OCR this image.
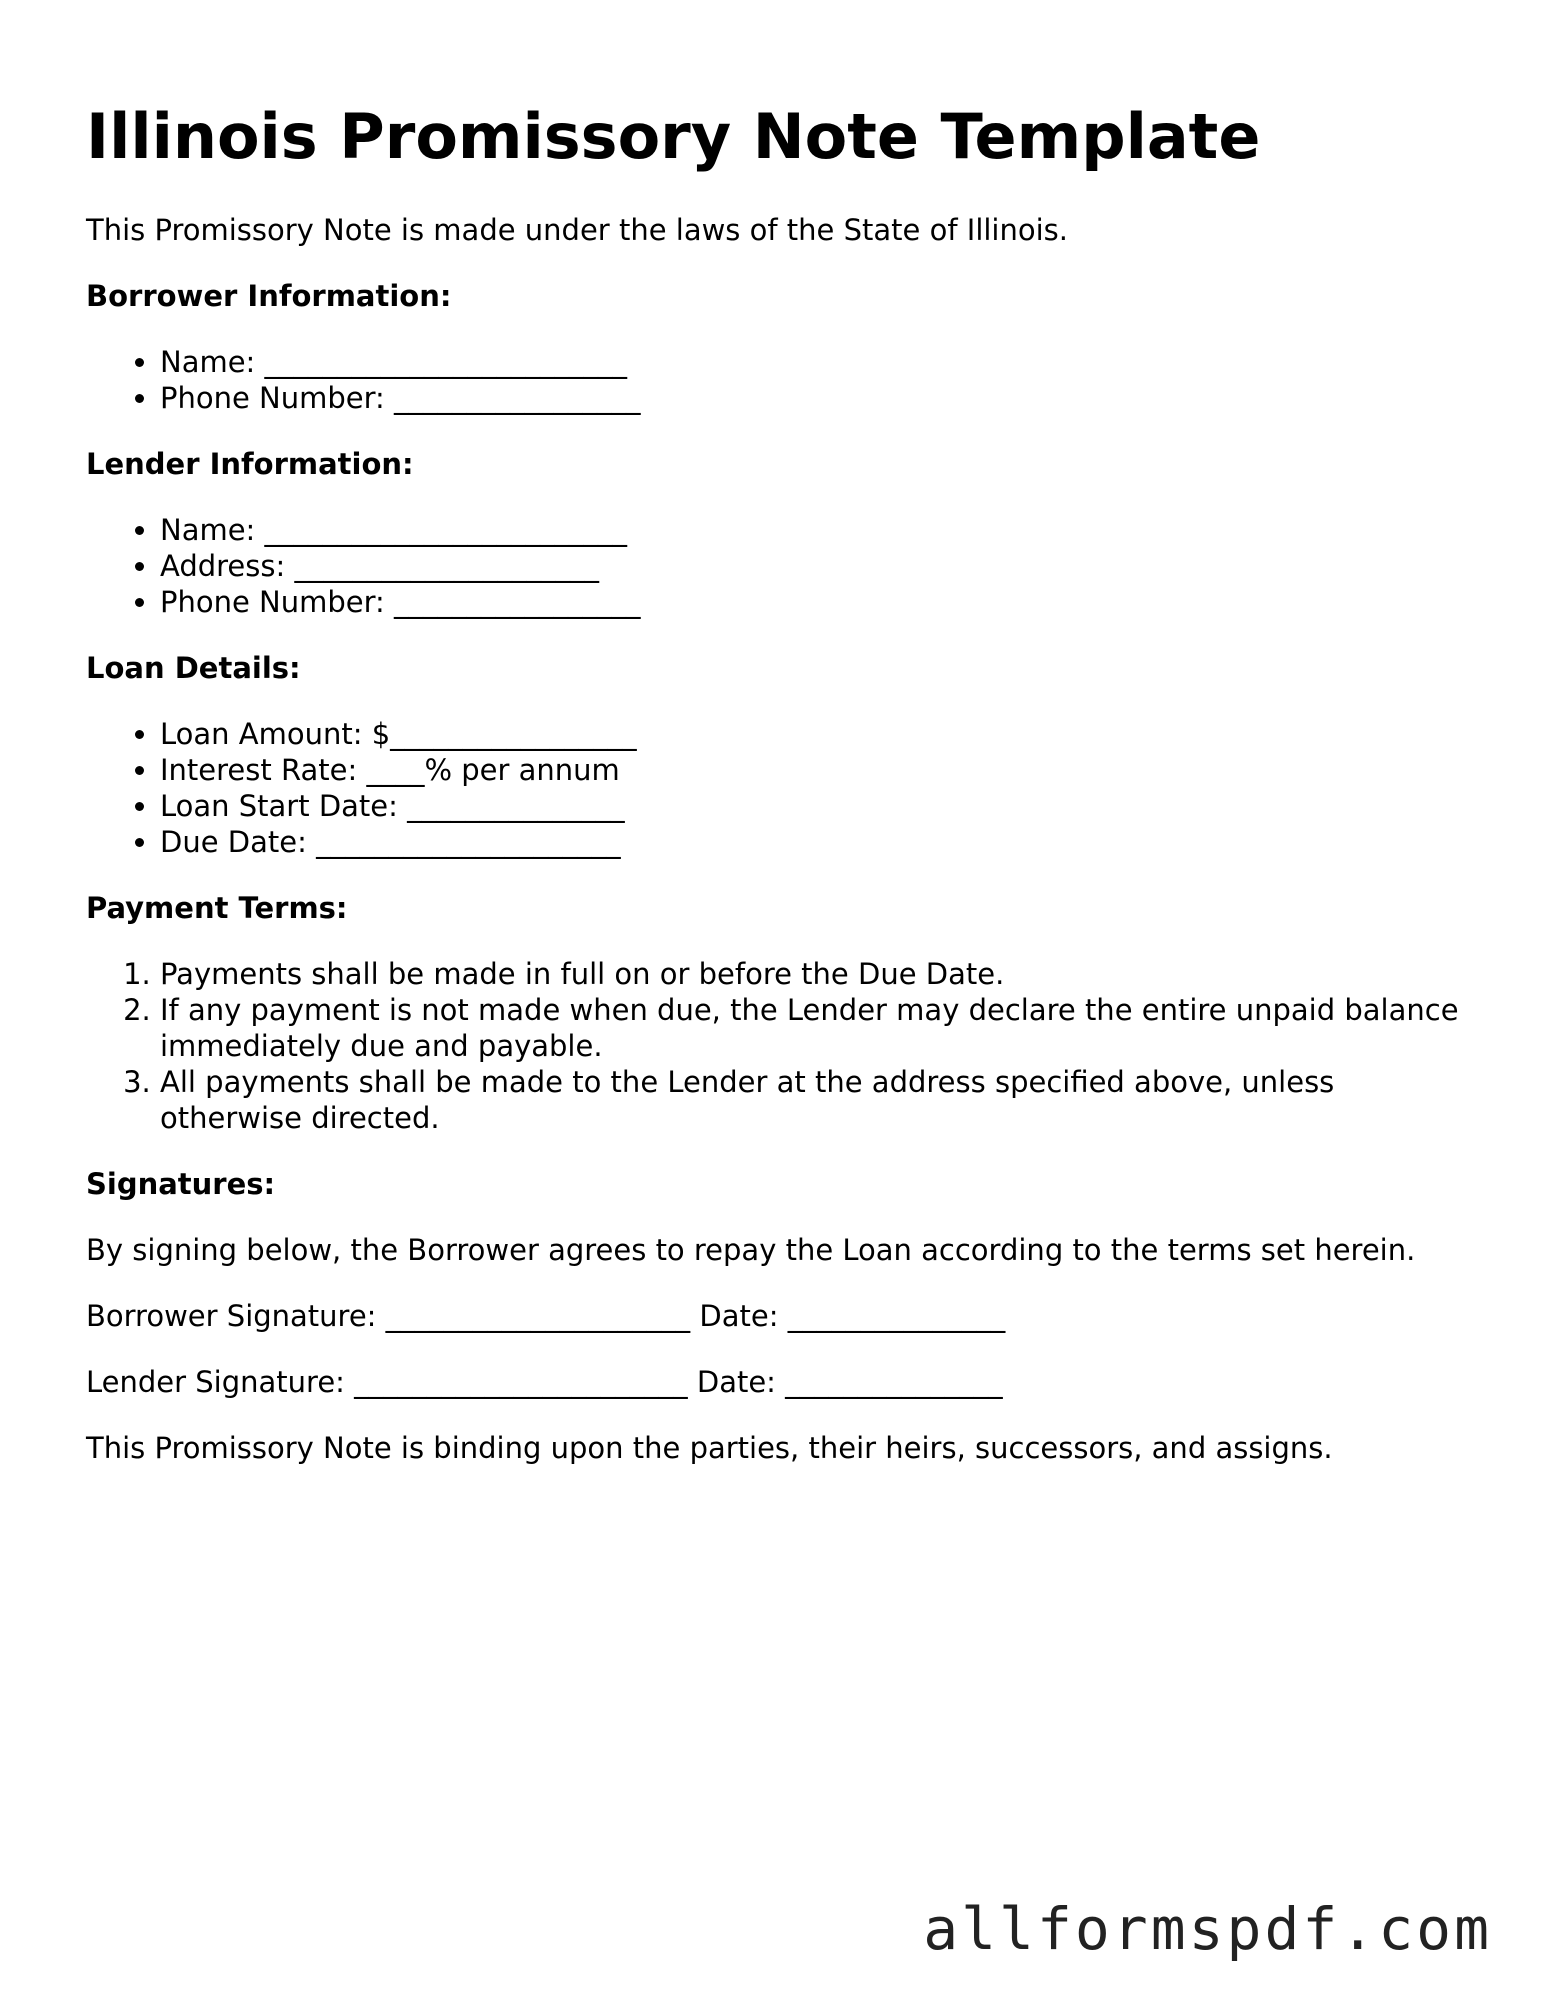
Illinois Promissory Note Template

This Promissory Note is made under the laws of the State of Illinois.

Borrower Information:
• Name: _________________________
• Phone Number: _________________
Lender Information:
• Name: _________________________
• Address: _____________________
• Phone Number: _________________
Loan Details:
• Loan Amount: $_________________
• Interest Rate: ____% per annum
• Loan Start Date: _______________
• Due Date: _____________________
Payment Terms:
1. Payments shall be made in full on or before the Due Date.
2. If any payment is not made when due, the Lender may declare the entire unpaid balance immediately due and payable.
3. All payments shall be made to the Lender at the address specified above, unless otherwise directed.
Signatures:

By signing below, the Borrower agrees to repay the Loan according to the terms set herein.

Borrower Signature: _____________________ Date: _______________

Lender Signature: _______________________ Date: _______________

This Promissory Note is binding upon the parties, their heirs, successors, and assigns.

allformspdf.com
